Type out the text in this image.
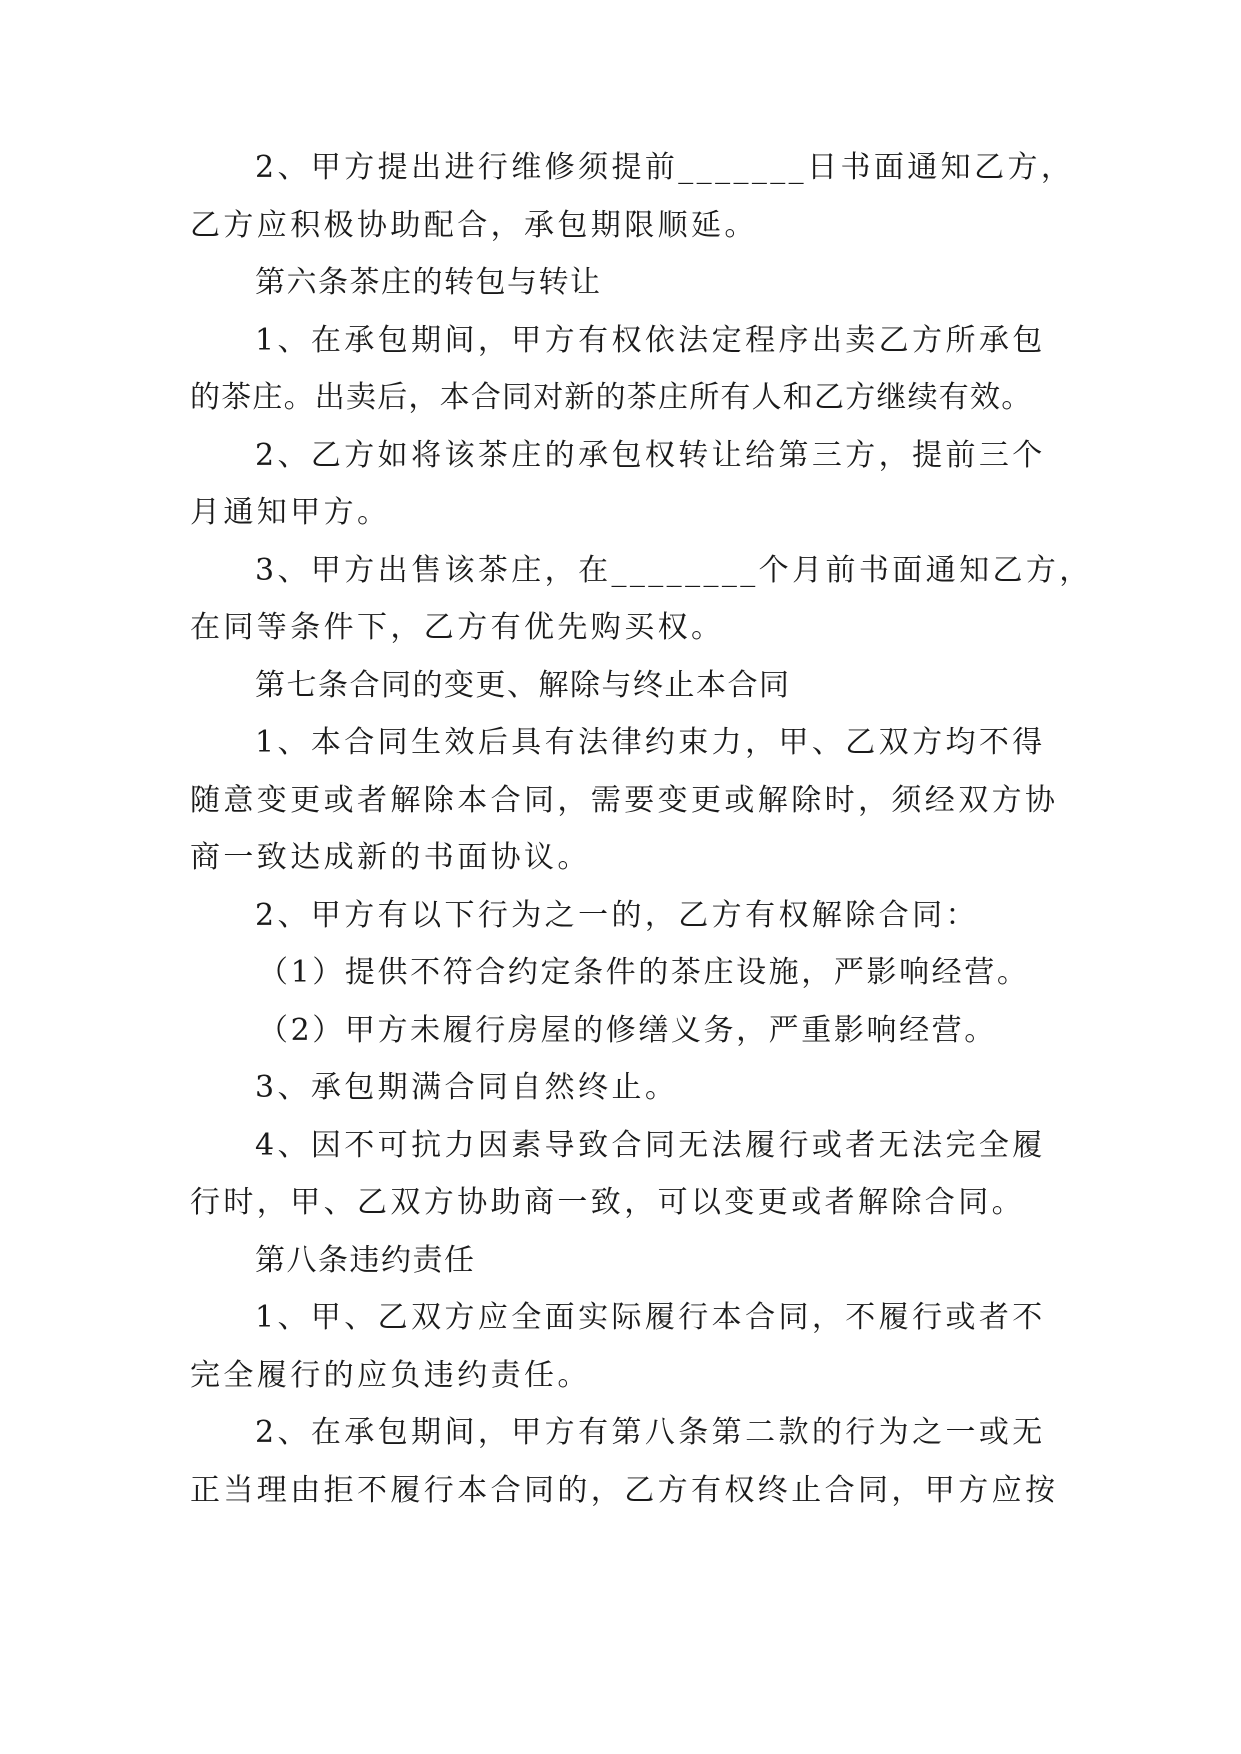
2、甲方提出进行维修须提前_______日书面通知乙方，
乙方应积极协助配合，承包期限顺延。
第六条茶庄的转包与转让
1、在承包期间，甲方有权依法定程序出卖乙方所承包
的茶庄。出卖后，本合同对新的茶庄所有人和乙方继续有效。
2、乙方如将该茶庄的承包权转让给第三方，提前三个
月通知甲方。
3、甲方出售该茶庄，在________个月前书面通知乙方，
在同等条件下，乙方有优先购买权。
第七条合同的变更、解除与终止本合同
1、本合同生效后具有法律约束力，甲、乙双方均不得
随意变更或者解除本合同，需要变更或解除时，须经双方协
商一致达成新的书面协议。
2、甲方有以下行为之一的，乙方有权解除合同：
（1）提供不符合约定条件的茶庄设施，严影响经营。
（2）甲方未履行房屋的修缮义务，严重影响经营。
3、承包期满合同自然终止。
4、因不可抗力因素导致合同无法履行或者无法完全履
行时，甲、乙双方协助商一致，可以变更或者解除合同。
第八条违约责任
1、甲、乙双方应全面实际履行本合同，不履行或者不
完全履行的应负违约责任。
2、在承包期间，甲方有第八条第二款的行为之一或无
正当理由拒不履行本合同的，乙方有权终止合同，甲方应按
